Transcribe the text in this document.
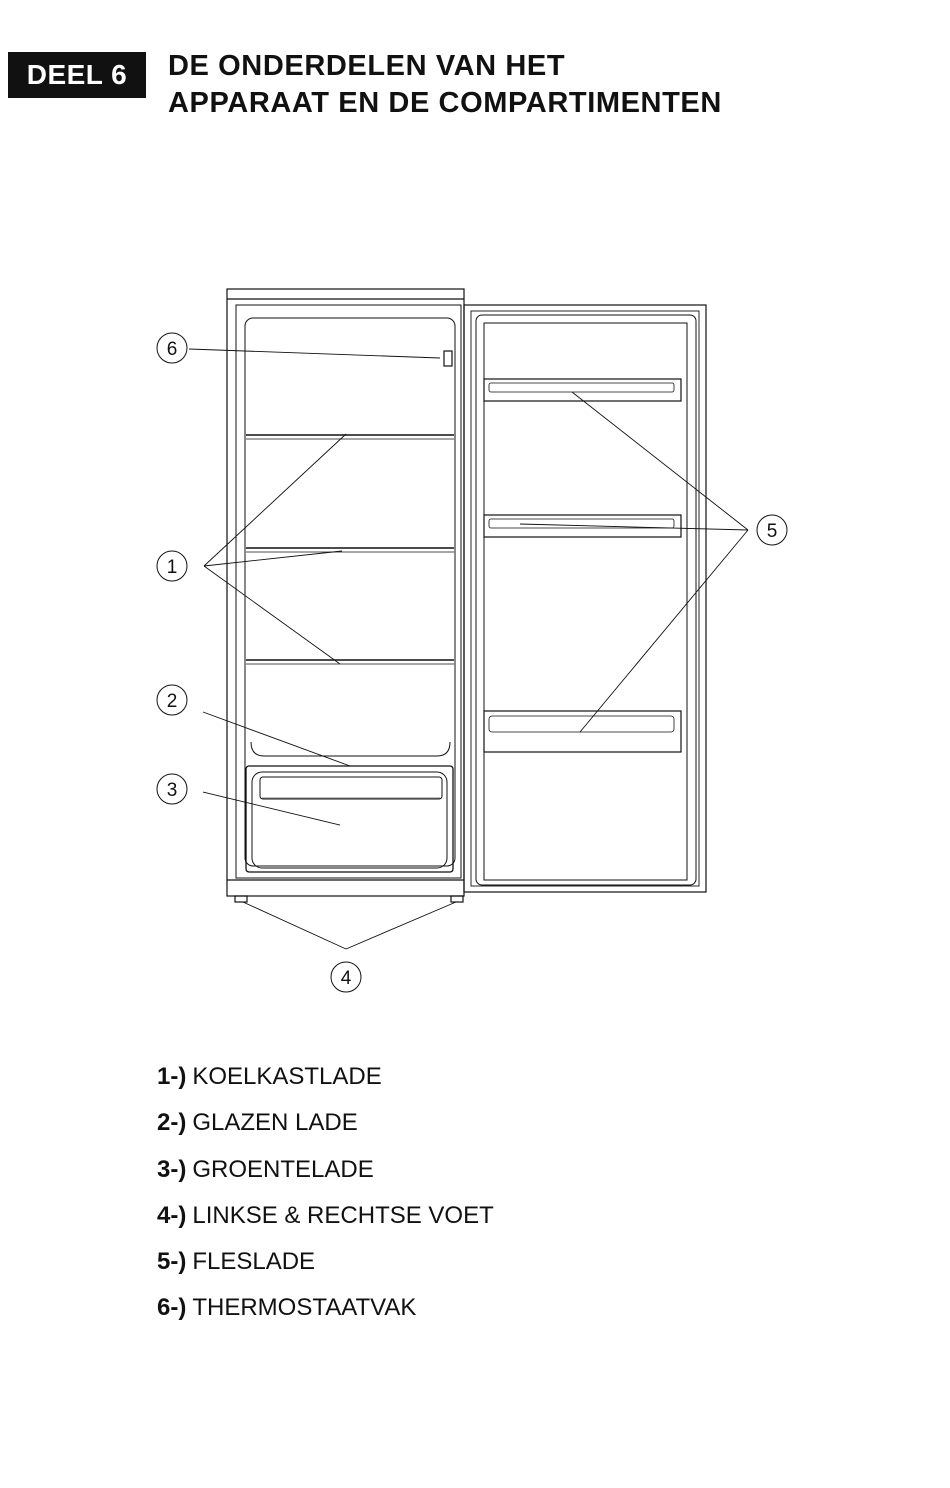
DEEL 6	DE ONDERDELEN VAN HET
APPARAAT EN DE COMPARTIMENTEN
6
1
2
3
4
5
1-) KOELKASTLADE
2-) GLAZEN LADE
3-) GROENTELADE
4-) LINKSE & RECHTSE VOET
5-) FLESLADE
6-) THERMOSTAATVAK
